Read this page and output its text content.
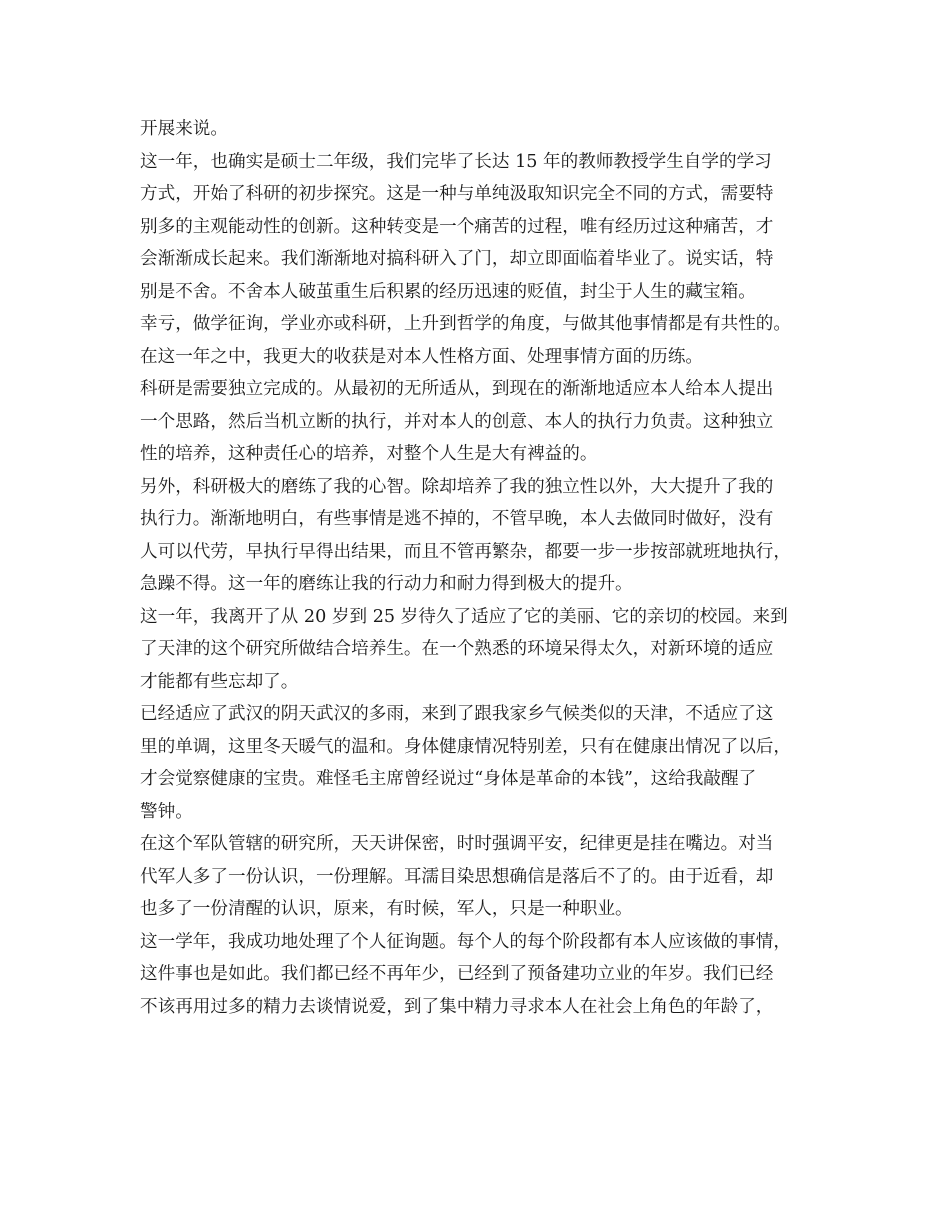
开展来说。
这一年，也确实是硕士二年级，我们完毕了长达 15 年的教师教授学生自学的学习
方式，开始了科研的初步探究。这是一种与单纯汲取知识完全不同的方式，需要特
别多的主观能动性的创新。这种转变是一个痛苦的过程，唯有经历过这种痛苦，才
会渐渐成长起来。我们渐渐地对搞科研入了门，却立即面临着毕业了。说实话，特
别是不舍。不舍本人破茧重生后积累的经历迅速的贬值，封尘于人生的藏宝箱。
幸亏，做学征询，学业亦或科研，上升到哲学的角度，与做其他事情都是有共性的。
在这一年之中，我更大的收获是对本人性格方面、处理事情方面的历练。
科研是需要独立完成的。从最初的无所适从，到现在的渐渐地适应本人给本人提出
一个思路，然后当机立断的执行，并对本人的创意、本人的执行力负责。这种独立
性的培养，这种责任心的培养，对整个人生是大有裨益的。
另外，科研极大的磨练了我的心智。除却培养了我的独立性以外，大大提升了我的
执行力。渐渐地明白，有些事情是逃不掉的，不管早晚，本人去做同时做好，没有
人可以代劳，早执行早得出结果，而且不管再繁杂，都要一步一步按部就班地执行，
急躁不得。这一年的磨练让我的行动力和耐力得到极大的提升。
这一年，我离开了从 20 岁到 25 岁待久了适应了它的美丽、它的亲切的校园。来到
了天津的这个研究所做结合培养生。在一个熟悉的环境呆得太久，对新环境的适应
才能都有些忘却了。
已经适应了武汉的阴天武汉的多雨，来到了跟我家乡气候类似的天津，不适应了这
里的单调，这里冬天暖气的温和。身体健康情况特别差，只有在健康出情况了以后，
才会觉察健康的宝贵。难怪毛主席曾经说过“身体是革命的本钱”，这给我敲醒了
警钟。
在这个军队管辖的研究所，天天讲保密，时时强调平安，纪律更是挂在嘴边。对当
代军人多了一份认识，一份理解。耳濡目染思想确信是落后不了的。由于近看，却
也多了一份清醒的认识，原来，有时候，军人，只是一种职业。
这一学年，我成功地处理了个人征询题。每个人的每个阶段都有本人应该做的事情，
这件事也是如此。我们都已经不再年少，已经到了预备建功立业的年岁。我们已经
不该再用过多的精力去谈情说爱，到了集中精力寻求本人在社会上角色的年龄了，
